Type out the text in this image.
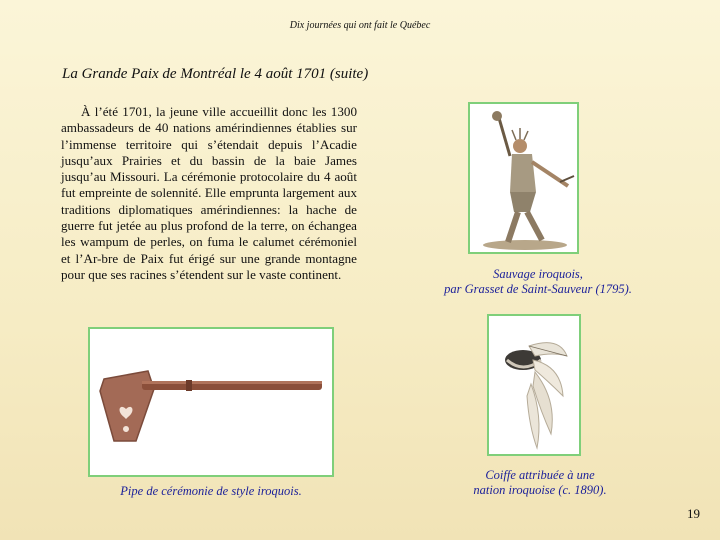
Dix journées qui ont fait le Québec
La Grande Paix de Montréal le 4 août 1701 (suite)

À l’été 1701, la jeune ville accueillit donc les 1300 ambassadeurs de 40 nations amérindiennes établies sur l’immense territoire qui s’étendait depuis l’Acadie jusqu’aux Prairies et du bassin de la baie James jusqu’au Missouri. La cérémonie protocolaire du 4 août fut empreinte de solennité. Elle emprunta largement aux traditions diplomatiques amérindiennes: la hache de guerre fut jetée au plus profond de la terre, on échangea les wampum de perles, on fuma le calumet cérémoniel et l’Ar-bre de Paix fut érigé sur une grande montagne pour que ses racines s’étendent sur le vaste continent.	Sauvage iroquois,
par Grasset de Saint-Sauveur (1795).
Pipe de cérémonie de style iroquois.
Coiffe attribuée à une
nation iroquoise (c. 1890).
19
